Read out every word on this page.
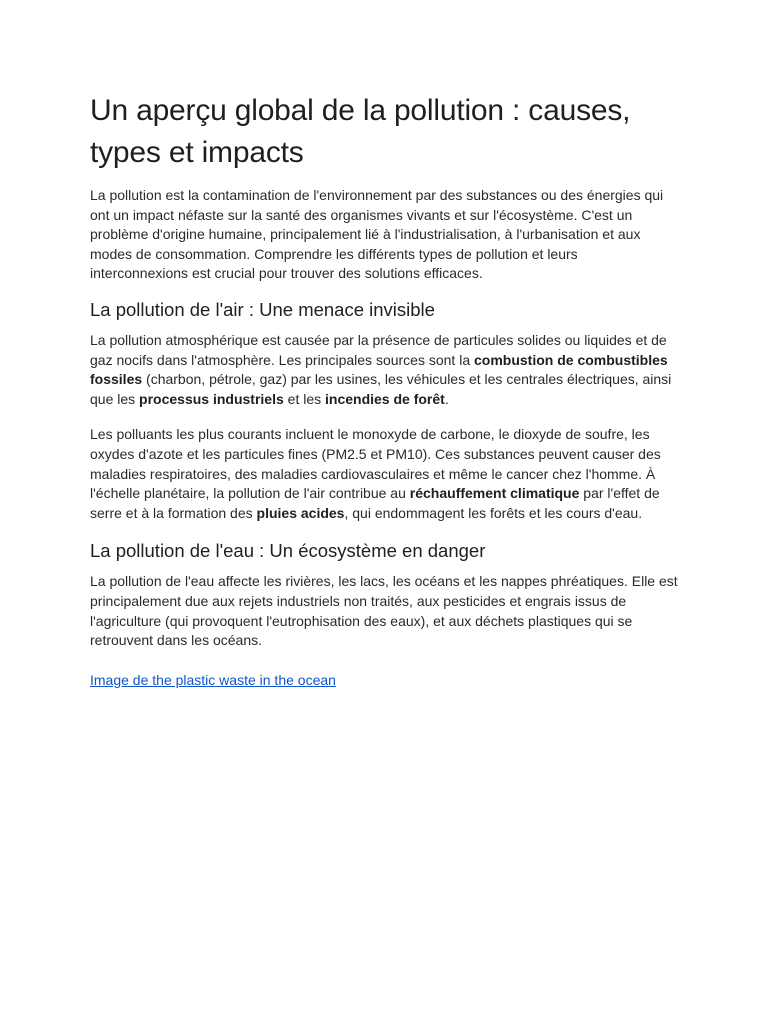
Un aperçu global de la pollution : causes, types et impacts

La pollution est la contamination de l'environnement par des substances ou des énergies qui ont un impact néfaste sur la santé des organismes vivants et sur l'écosystème. C'est un problème d'origine humaine, principalement lié à l'industrialisation, à l'urbanisation et aux modes de consommation. Comprendre les différents types de pollution et leurs interconnexions est crucial pour trouver des solutions efficaces.

La pollution de l'air : Une menace invisible

La pollution atmosphérique est causée par la présence de particules solides ou liquides et de gaz nocifs dans l'atmosphère. Les principales sources sont la combustion de combustibles fossiles (charbon, pétrole, gaz) par les usines, les véhicules et les centrales électriques, ainsi que les processus industriels et les incendies de forêt.

Les polluants les plus courants incluent le monoxyde de carbone, le dioxyde de soufre, les oxydes d'azote et les particules fines (PM2.5 et PM10). Ces substances peuvent causer des maladies respiratoires, des maladies cardiovasculaires et même le cancer chez l'homme. À l'échelle planétaire, la pollution de l'air contribue au réchauffement climatique par l'effet de serre et à la formation des pluies acides, qui endommagent les forêts et les cours d'eau.

La pollution de l'eau : Un écosystème en danger

La pollution de l'eau affecte les rivières, les lacs, les océans et les nappes phréatiques. Elle est principalement due aux rejets industriels non traités, aux pesticides et engrais issus de l'agriculture (qui provoquent l'eutrophisation des eaux), et aux déchets plastiques qui se retrouvent dans les océans.

Image de the plastic waste in the ocean
